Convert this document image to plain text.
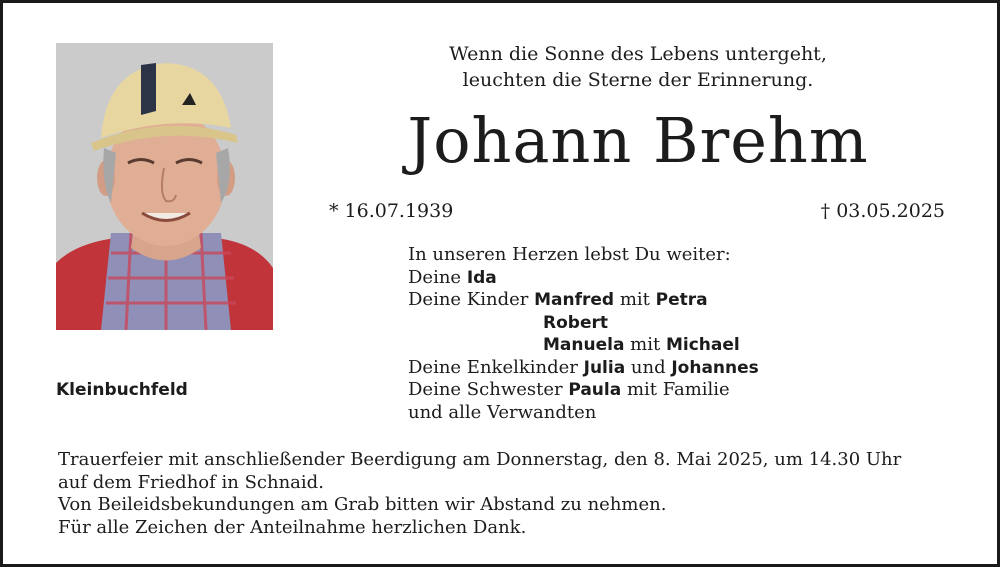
Kleinbuchfeld
Wenn die Sonne des Lebens untergeht,
leuchten die Sterne der Erinnerung.
Johann Brehm
* 16.07.1939	† 03.05.2025
In unseren Herzen lebst Du weiter:
Deine Ida
Deine Kinder Manfred mit Petra
Robert
Manuela mit Michael
Deine Enkelkinder Julia und Johannes
Deine Schwester Paula mit Familie
und alle Verwandten
Trauerfeier mit anschließender Beerdigung am Donnerstag, den 8. Mai 2025, um 14.30 Uhr
auf dem Friedhof in Schnaid.
Von Beileidsbekundungen am Grab bitten wir Abstand zu nehmen.
Für alle Zeichen der Anteilnahme herzlichen Dank.
